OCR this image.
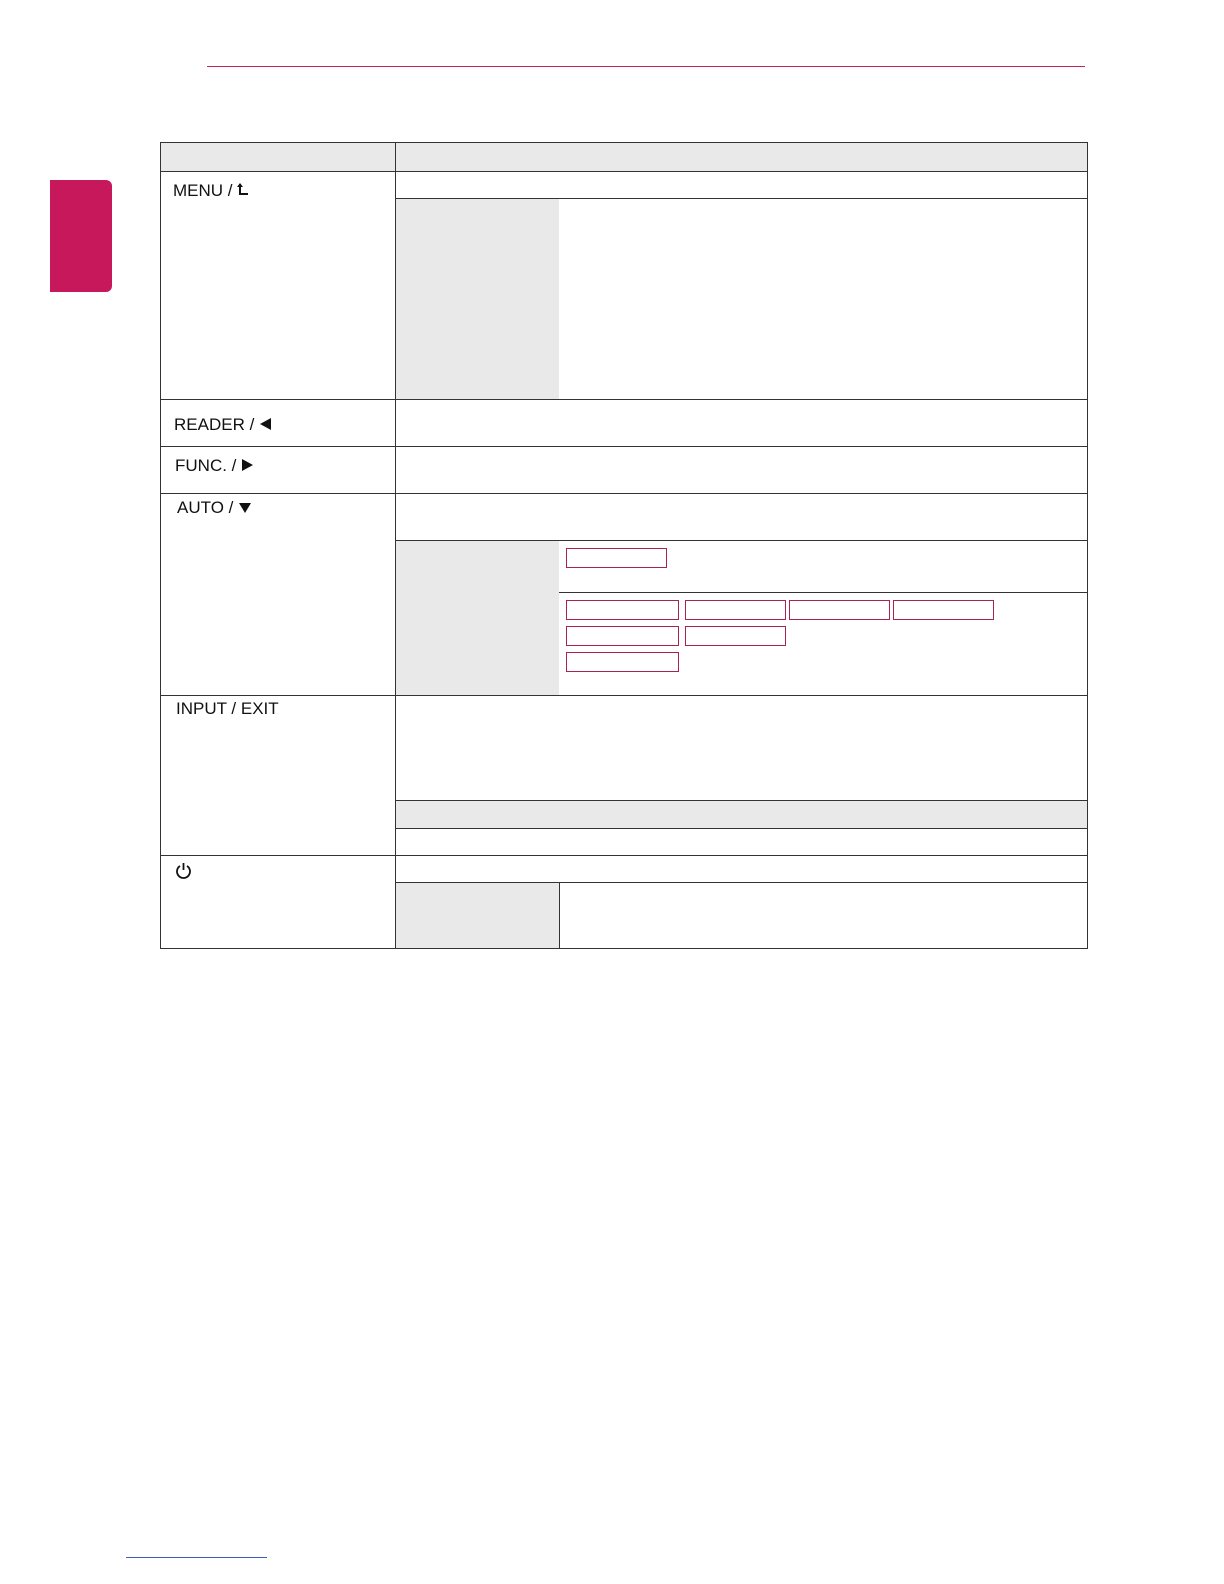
MENU /
READER /
FUNC. /
AUTO /
INPUT / EXIT
